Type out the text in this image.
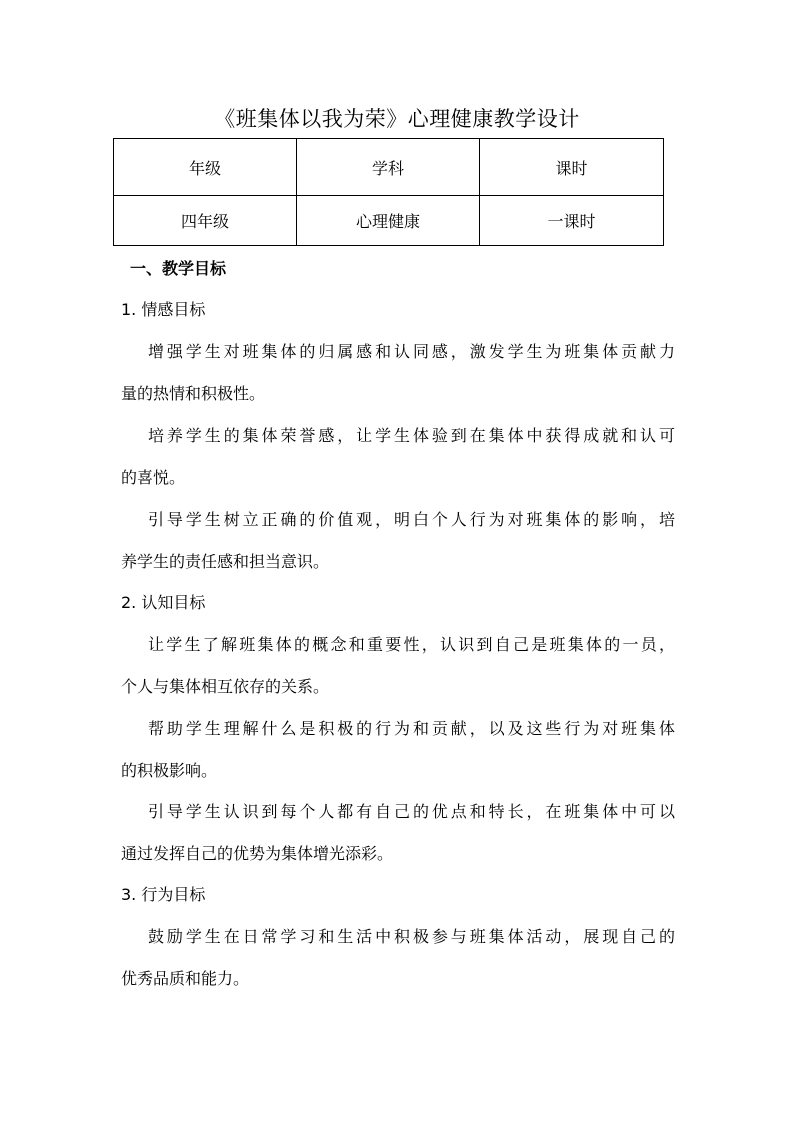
《班集体以我为荣》心理健康教学设计
年级	学科	课时
四年级	心理健康	一课时
一、教学目标
1. 情感目标
增强学生对班集体的归属感和认同感，激发学生为班集体贡献力
量的热情和积极性。
培养学生的集体荣誉感，让学生体验到在集体中获得成就和认可
的喜悦。
引导学生树立正确的价值观，明白个人行为对班集体的影响，培
养学生的责任感和担当意识。
2. 认知目标
让学生了解班集体的概念和重要性，认识到自己是班集体的一员，
个人与集体相互依存的关系。
帮助学生理解什么是积极的行为和贡献，以及这些行为对班集体
的积极影响。
引导学生认识到每个人都有自己的优点和特长，在班集体中可以
通过发挥自己的优势为集体增光添彩。
3. 行为目标
鼓励学生在日常学习和生活中积极参与班集体活动，展现自己的
优秀品质和能力。
